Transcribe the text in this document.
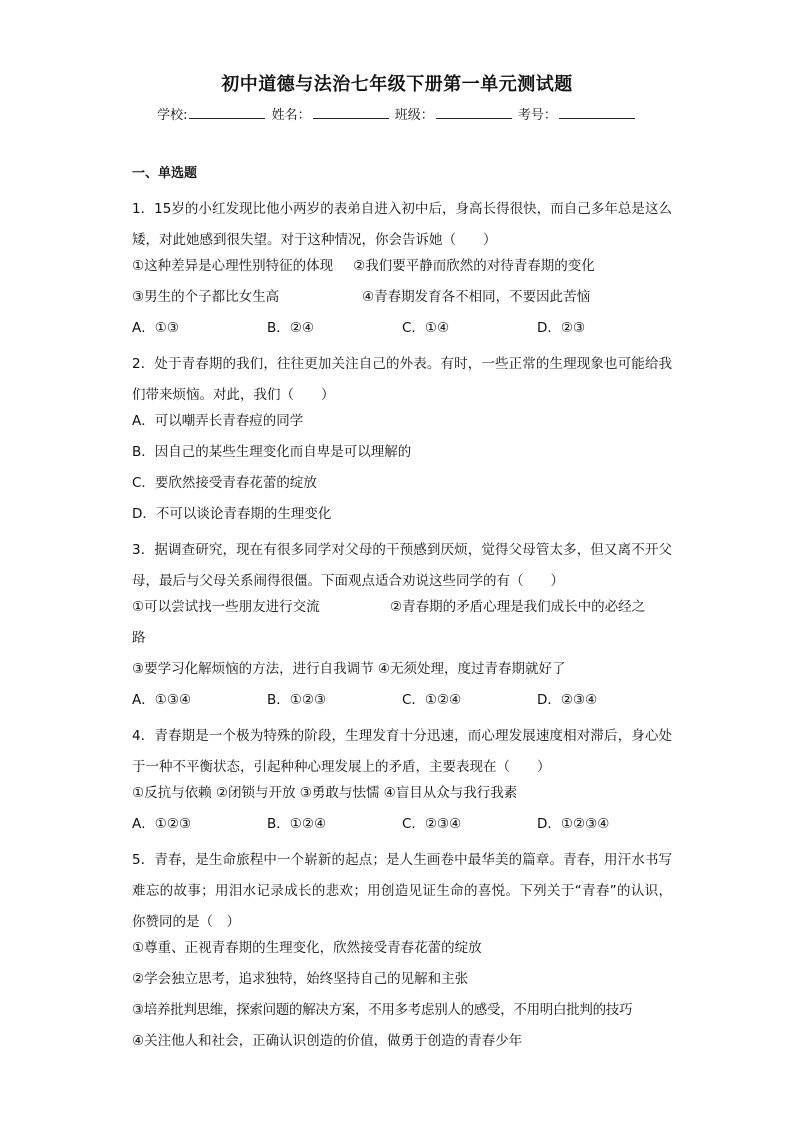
初中道德与法治七年级下册第一单元测试题
学校:	姓名：	班级：	考号：
一、单选题
1．15岁的小红发现比他小两岁的表弟自进入初中后，身高长得很快，而自己多年总是这么矮，对此她感到很失望。对于这种情况，你会告诉她（　　）
①这种差异是心理性别特征的体现 ②我们要平静而欣然的对待青春期的变化
③男生的个子都比女生高	④青春期发育各不相同，不要因此苦恼
A．①③	B．②④	C．①④	D．②③
2．处于青春期的我们，往往更加关注自己的外表。有时，一些正常的生理现象也可能给我们带来烦恼。对此，我们（　　）
A．可以嘲弄长青春痘的同学
B．因自己的某些生理变化而自卑是可以理解的
C．要欣然接受青春花蕾的绽放
D．不可以谈论青春期的生理变化
3．据调查研究，现在有很多同学对父母的干预感到厌烦，觉得父母管太多，但又离不开父母，最后与父母关系闹得很僵。下面观点适合劝说这些同学的有（　　）
①可以尝试找一些朋友进行交流	②青春期的矛盾心理是我们成长中的必经之
路
③要学习化解烦恼的方法，进行自我调节 ④无须处理，度过青春期就好了
A．①③④	B．①②③	C．①②④	D．②③④
4．青春期是一个极为特殊的阶段，生理发育十分迅速，而心理发展速度相对滞后，身心处于一种不平衡状态，引起种种心理发展上的矛盾，主要表现在（　　）
①反抗与依赖 ②闭锁与开放 ③勇敢与怯懦 ④盲目从众与我行我素
A．①②③	B．①②④	C．②③④	D．①②③④
5．青春，是生命旅程中一个崭新的起点；是人生画卷中最华美的篇章。青春，用汗水书写难忘的故事；用泪水记录成长的悲欢；用创造见证生命的喜悦。下列关于“青春”的认识，你赞同的是（　）
①尊重、正视青春期的生理变化，欣然接受青春花蕾的绽放
②学会独立思考，追求独特，始终坚持自己的见解和主张
③培养批判思维，探索问题的解决方案，不用多考虑别人的感受，不用明白批判的技巧
④关注他人和社会，正确认识创造的价值，做勇于创造的青春少年
